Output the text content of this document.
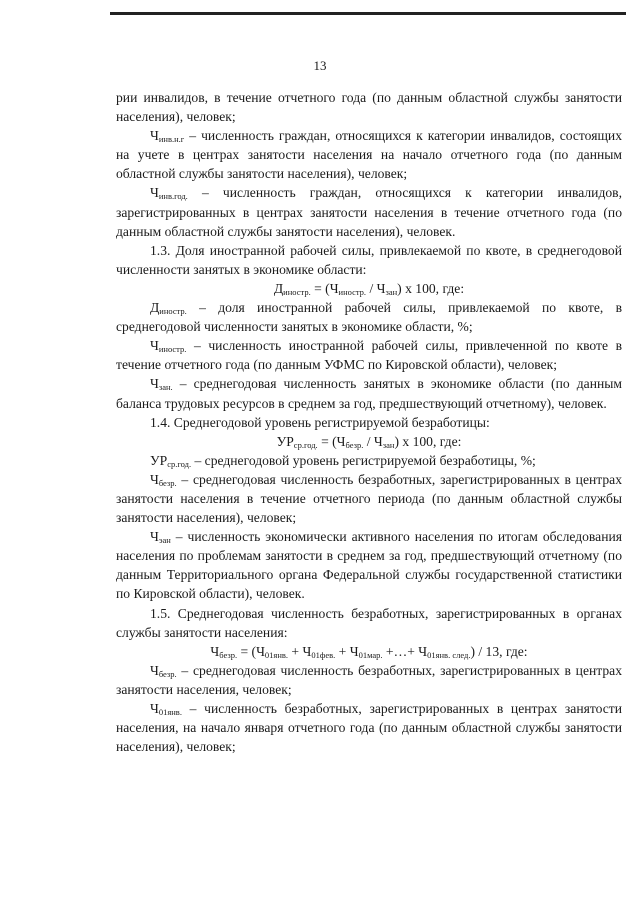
13

рии инвалидов, в течение отчетного года (по данным областной службы занятости населения), человек;

$Ч_{инв.н.г}$ – численность граждан, относящихся к категории инвалидов, состоящих на учете в центрах занятости населения на начало отчетного года (по данным областной службы занятости населения), человек;

$Ч_{инв.год.}$ – численность граждан, относящихся к категории инвалидов, зарегистрированных в центрах занятости населения в течение отчетного года (по данным областной службы занятости населения), человек.

1.3. Доля иностранной рабочей силы, привлекаемой по квоте, в среднегодовой численности занятых в экономике области:

$Д_{иностр.} = (Ч_{иностр.} / Ч_{зан})$ х 100, где:

$Д_{иностр.}$ – доля иностранной рабочей силы, привлекаемой по квоте, в среднегодовой численности занятых в экономике области, %;

$Ч_{иностр.}$ – численность иностранной рабочей силы, привлеченной по квоте в течение отчетного года (по данным УФМС по Кировской области), человек;

$Ч_{зан.}$ – среднегодовая численность занятых в экономике области (по данным баланса трудовых ресурсов в среднем за год, предшествующий отчетному), человек.

1.4. Среднегодовой уровень регистрируемой безработицы:

$УР_{ср.год.} = (Ч_{безр.} / Ч_{зан})$ х 100, где:

$УР_{ср.год.}$ – среднегодовой уровень регистрируемой безработицы, %;

$Ч_{безр.}$ – среднегодовая численность безработных, зарегистрированных в центрах занятости населения в течение отчетного периода (по данным областной службы занятости населения), человек;

$Ч_{эан}$ – численность экономически активного населения по итогам обследования населения по проблемам занятости в среднем за год, предшествующий отчетному (по данным Территориального органа Федеральной службы государственной статистики по Кировской области), человек.

1.5. Среднегодовая численность безработных, зарегистрированных в органах службы занятости населения:

$Ч_{безр.} = (Ч_{01янв.} + Ч_{01фев.} + Ч_{01мар.}$ +…+ $Ч_{01янв. след.}) / 13$, где:

$Ч_{безр.}$ – среднегодовая численность безработных, зарегистрированных в центрах занятости населения, человек;

$Ч_{01янв.}$ – численность безработных, зарегистрированных в центрах занятости населения, на начало января отчетного года (по данным областной службы занятости населения), человек;
